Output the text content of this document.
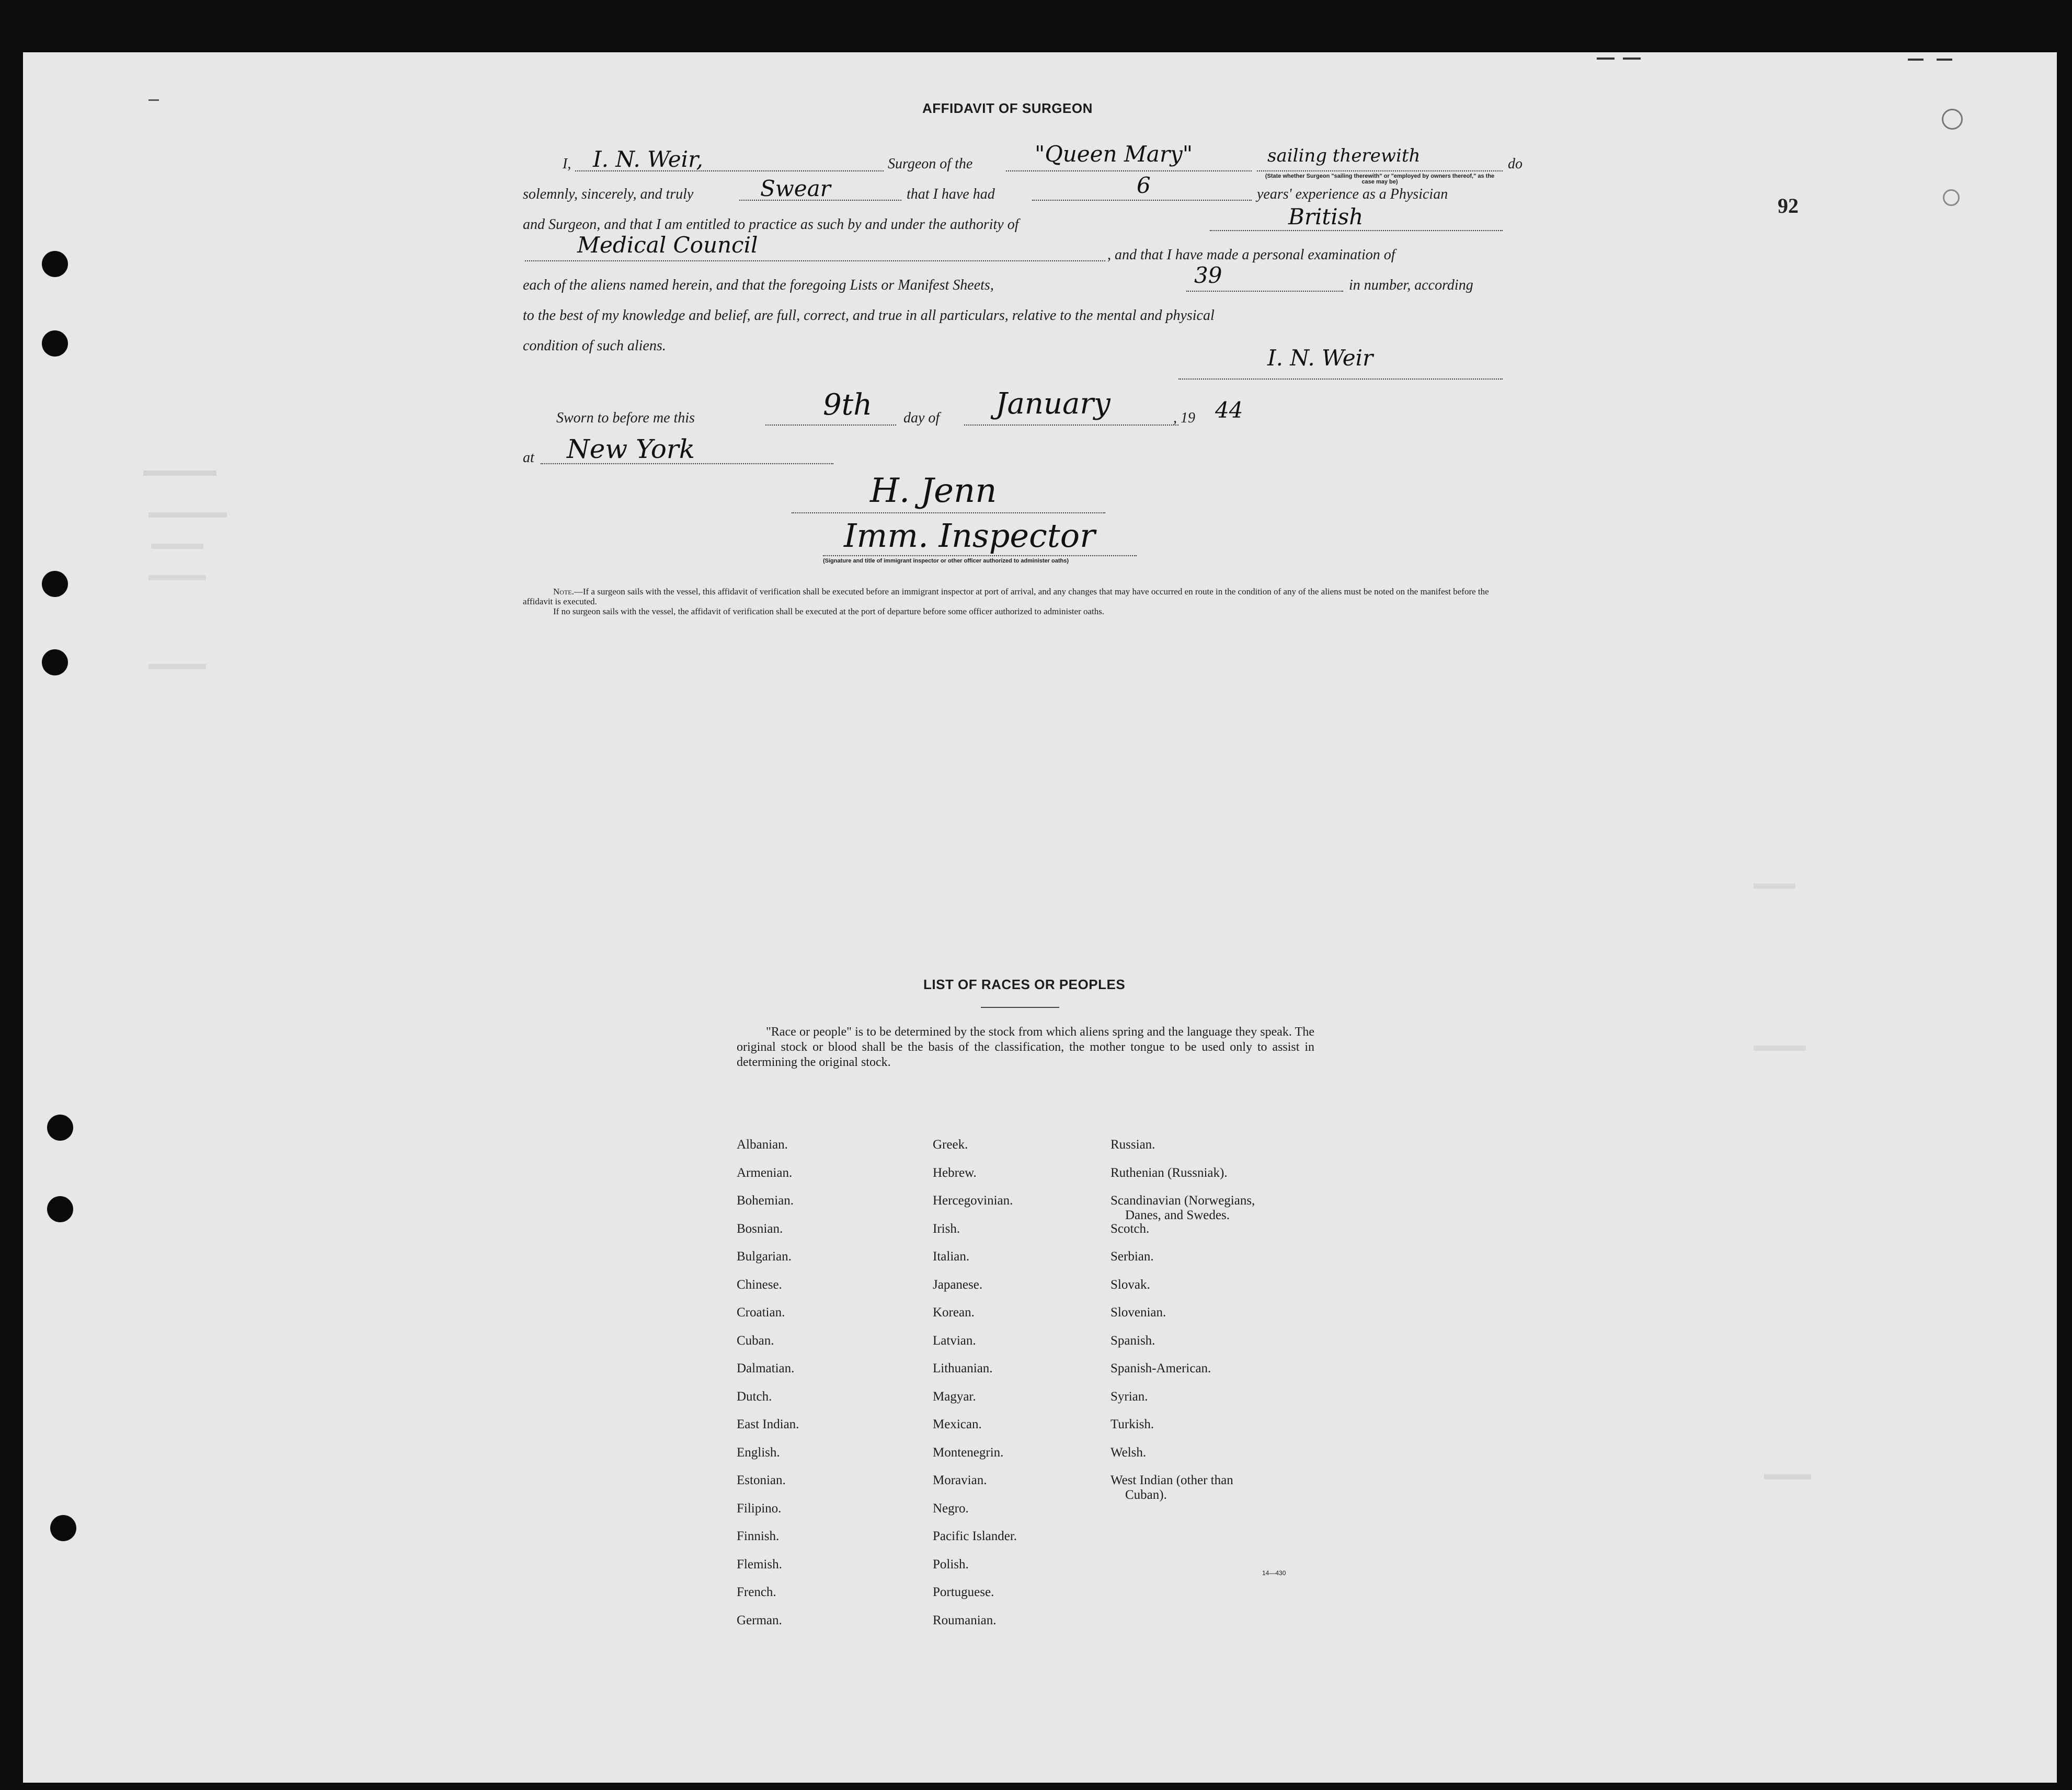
92
AFFIDAVIT OF SURGEON
I, I. N. Weir,	Surgeon of the	"Queen Mary"	sailing therewith	do
(State whether Surgeon "sailing therewith" or "employed by owners thereof," as the case may be)
solemnly, sincerely, and truly	Swear	that I have had	6	years' experience as a Physician
and Surgeon, and that I am entitled to practice as such by and under the authority of	British
Medical Council	, and that I have made a personal examination of
each of the aliens named herein, and that the foregoing Lists or Manifest Sheets,	39	in number, according
to the best of my knowledge and belief, are full, correct, and true in all particulars, relative to the mental and physical
condition of such aliens.	I. N. Weir
Sworn to before me this	9th day of January	, 19 44
at New York
H. Jenn
Imm. Inspector
(Signature and title of immigrant inspector or other officer authorized to administer oaths)
Note.—If a surgeon sails with the vessel, this affidavit of verification shall be executed before an immigrant inspector at port of arrival, and any changes that may have occurred en route in the condition of any of the aliens must be noted on the manifest before the affidavit is executed.
If no surgeon sails with the vessel, the affidavit of verification shall be executed at the port of departure before some officer authorized to administer oaths.
LIST OF RACES OR PEOPLES
"Race or people" is to be determined by the stock from which aliens spring and the language they speak. The original stock or blood shall be the basis of the classification, the mother tongue to be used only to assist in determining the original stock.
Albanian.
Armenian.
Bohemian.
Bosnian.
Bulgarian.
Chinese.
Croatian.
Cuban.
Dalmatian.
Dutch.
East Indian.
English.
Estonian.
Filipino.
Finnish.
Flemish.
French.
German.
Greek.
Hebrew.
Hercegovinian.
Irish.
Italian.
Japanese.
Korean.
Latvian.
Lithuanian.
Magyar.
Mexican.
Montenegrin.
Moravian.
Negro.
Pacific Islander.
Polish.
Portuguese.
Roumanian.
Russian.
Ruthenian (Russniak).
Scandinavian (Norwegians,
Danes, and Swedes.
Scotch.
Serbian.
Slovak.
Slovenian.
Spanish.
Spanish-American.
Syrian.
Turkish.
Welsh.
West Indian (other than
Cuban).
14—430
